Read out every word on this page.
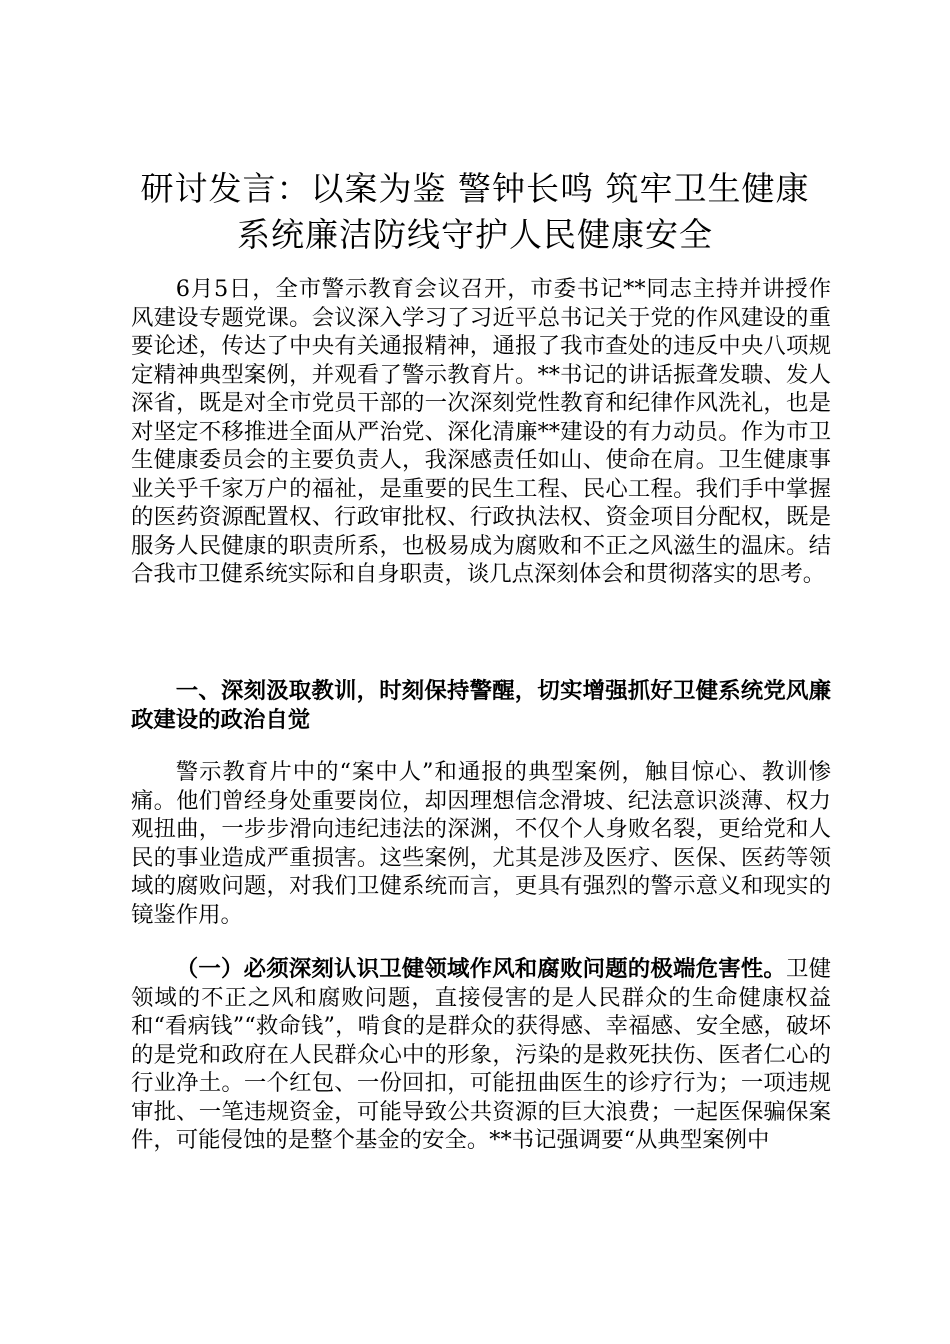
研讨发言：以案为鉴 警钟长鸣 筑牢卫生健康
系统廉洁防线守护人民健康安全

6月5日，全市警示教育会议召开，市委书记**同志主持并讲授作风建设专题党课。会议深入学习了习近平总书记关于党的作风建设的重要论述，传达了中央有关通报精神，通报了我市查处的违反中央八项规定精神典型案例，并观看了警示教育片。**书记的讲话振聋发聩、发人深省，既是对全市党员干部的一次深刻党性教育和纪律作风洗礼，也是对坚定不移推进全面从严治党、深化清廉**建设的有力动员。作为市卫生健康委员会的主要负责人，我深感责任如山、使命在肩。卫生健康事业关乎千家万户的福祉，是重要的民生工程、民心工程。我们手中掌握的医药资源配置权、行政审批权、行政执法权、资金项目分配权，既是服务人民健康的职责所系，也极易成为腐败和不正之风滋生的温床。结合我市卫健系统实际和自身职责，谈几点深刻体会和贯彻落实的思考。

一、深刻汲取教训，时刻保持警醒，切实增强抓好卫健系统党风廉政建设的政治自觉

警示教育片中的“案中人”和通报的典型案例，触目惊心、教训惨痛。他们曾经身处重要岗位，却因理想信念滑坡、纪法意识淡薄、权力观扭曲，一步步滑向违纪违法的深渊，不仅个人身败名裂，更给党和人民的事业造成严重损害。这些案例，尤其是涉及医疗、医保、医药等领域的腐败问题，对我们卫健系统而言，更具有强烈的警示意义和现实的镜鉴作用。

（一）必须深刻认识卫健领域作风和腐败问题的极端危害性。卫健领域的不正之风和腐败问题，直接侵害的是人民群众的生命健康权益和“看病钱”“救命钱”，啃食的是群众的获得感、幸福感、安全感，破坏的是党和政府在人民群众心中的形象，污染的是救死扶伤、医者仁心的行业净土。一个红包、一份回扣，可能扭曲医生的诊疗行为；一项违规审批、一笔违规资金，可能导致公共资源的巨大浪费；一起医保骗保案件，可能侵蚀的是整个基金的安全。**书记强调要“从典型案例中
